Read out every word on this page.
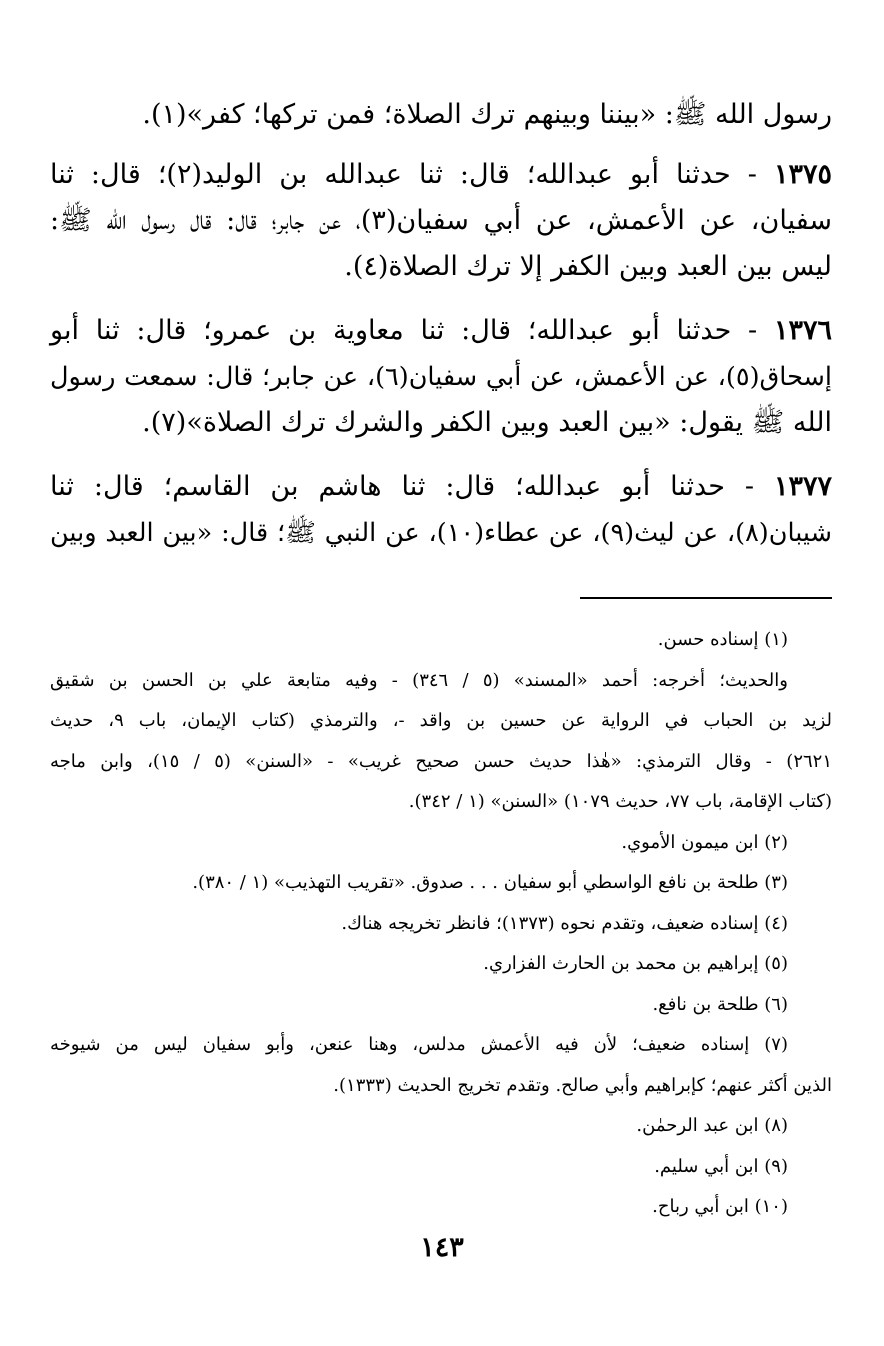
رسول الله ﷺ: «بيننا وبينهم ترك الصلاة؛ فمن تركها؛ كفر»(١).

١٣٧٥ - حدثنا أبو عبدالله؛ قال: ثنا عبدالله بن الوليد(٢)؛ قال: ثنا

سفيان، عن الأعمش، عن أبي سفيان(٣)، عن جابر؛ قال: قال رسول الله ﷺ:

ليس بين العبد وبين الكفر إلا ترك الصلاة(٤).

١٣٧٦ - حدثنا أبو عبدالله؛ قال: ثنا معاوية بن عمرو؛ قال: ثنا أبو

إسحاق(٥)، عن الأعمش، عن أبي سفيان(٦)، عن جابر؛ قال: سمعت رسول

الله ﷺ يقول: «بين العبد وبين الكفر والشرك ترك الصلاة»(٧).

١٣٧٧ - حدثنا أبو عبدالله؛ قال: ثنا هاشم بن القاسم؛ قال: ثنا

شيبان(٨)، عن ليث(٩)، عن عطاء(١٠)، عن النبي ﷺ؛ قال: «بين العبد وبين

(١) إسناده حسن.

والحديث؛ أخرجه: أحمد «المسند» (٥ / ٣٤٦) - وفيه متابعة علي بن الحسن بن شقيق

لزيد بن الحباب في الرواية عن حسين بن واقد -، والترمذي (كتاب الإيمان، باب ٩، حديث

٢٦٢١) - وقال الترمذي: «هٰذا حديث حسن صحيح غريب» - «السنن» (٥ / ١٥)، وابن ماجه

(كتاب الإقامة، باب ٧٧، حديث ١٠٧٩) «السنن» (١ / ٣٤٢).

(٢) ابن ميمون الأموي.

(٣) طلحة بن نافع الواسطي أبو سفيان . . . صدوق. «تقريب التهذيب» (١ / ٣٨٠).

(٤) إسناده ضعيف، وتقدم نحوه (١٣٧٣)؛ فانظر تخريجه هناك.

(٥) إبراهيم بن محمد بن الحارث الفزاري.

(٦) طلحة بن نافع.

(٧) إسناده ضعيف؛ لأن فيه الأعمش مدلس، وهنا عنعن، وأبو سفيان ليس من شيوخه

الذين أكثر عنهم؛ كإبراهيم وأبي صالح. وتقدم تخريج الحديث (١٣٣٣).

(٨) ابن عبد الرحمٰن.

(٩) ابن أبي سليم.

(١٠) ابن أبي رباح.

١٤٣
